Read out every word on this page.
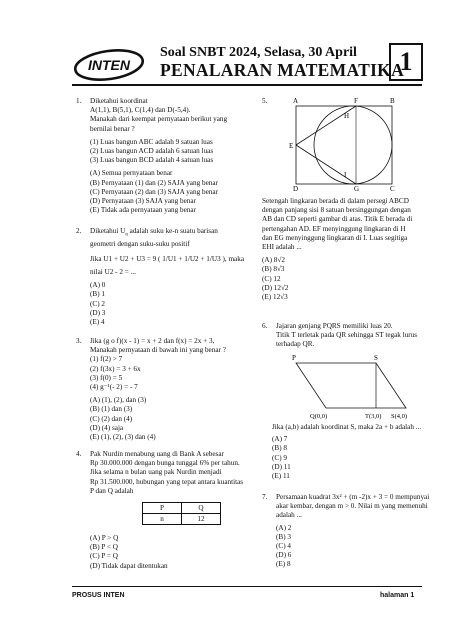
INTEN
Soal SNBT 2024, Selasa, 30 April
PENALARAN MATEMATIKA
1
1. Diketahui koordinat
A(1,1), B(5,1), C(1,4) dan D(-5,4).
Manakah dari keempat pernyataan berikut yang
bernilai benar ?
(1) Luas bangun ABC adalah 9 satuan luas
(2) Luas bangun ACD adalah 6 satuan luas
(3) Luas bangun BCD adalah 4 satuan luas
(A) Semua pernyataan benar
(B) Pernyataan (1) dan (2) SAJA yang benar
(C) Pernyataan (2) dan (3) SAJA yang benar
(D) Pernyataan (3) SAJA yang benar
(E) Tidak ada pernyataan yang benar
2. Diketahui $U_n$ adalah suku ke-n suatu barisan
geometri dengan suku-suku positif
Jika U1 + U2 + U3 = 9 ( 1/U1 + 1/U2 + 1/U3 ), maka
nilai U2 - 2 = ...
(A) 0
(B) 1
(C) 2
(D) 3
(E) 4
3. Jika (g o f)(x - 1) = x + 2 dan f(x) = 2x + 3,
Manakah pernyataan di bawah ini yang benar ?
(1) f(2) > 7
(2) f(3x) = 3 + 6x
(3) f(0) = 5
(4) g⁻¹(- 2) = - 7
(A) (1), (2), dan (3)
(B) (1) dan (3)
(C) (2) dan (4)
(D) (4) saja
(E) (1), (2), (3) dan (4)
4. Pak Nurdin menabung uang di Bank A sebesar
Rp 30.000.000 dengan bunga tunggal 6% per tahun.
Jika selama n bulan uang pak Nurdin menjadi
Rp 31.500.000, hubungan yang tepat antara kuantitas
P dan Q adalah
P	Q
n	12
(A) P > Q
(B) P < Q
(C) P = Q
(D) Tidak dapat ditentukan
5.	A	F	B
H
E
I
D	G	C
Setengah lingkaran berada di dalam persegi ABCD
dengan panjang sisi 8 satuan bersinggungan dengan
AB dan CD seperti gambar di atas. Titik E berada di
pertengahan AD. EF menyinggung lingkaran di H
dan EG menyinggung lingkaran di I. Luas segitiga
EHI adalah ...
(A) 8√2
(B) 8√3
(C) 12
(D) 12√2
(E) 12√3
6. Jajaran genjang PQRS memiliki luas 20.
Titik T terletak pada QR sehingga ST tegak lurus
terhadap QR.
P	S
Q(0,0)	T(3,0) S(4,0)
Jika (a,b) adalah koordinat S, maka 2a + b adalah ...
(A) 7
(B) 8
(C) 9
(D) 11
(E) 11
7. Persamaan kuadrat 3x² + (m -2)x + 3 = 0 mempunyai
akar kembar, dengan m > 0. Nilai m yang memenuhi
adalah ...
(A) 2
(B) 3
(C) 4
(D) 6
(E) 8
PROSUS INTEN	halaman 1
